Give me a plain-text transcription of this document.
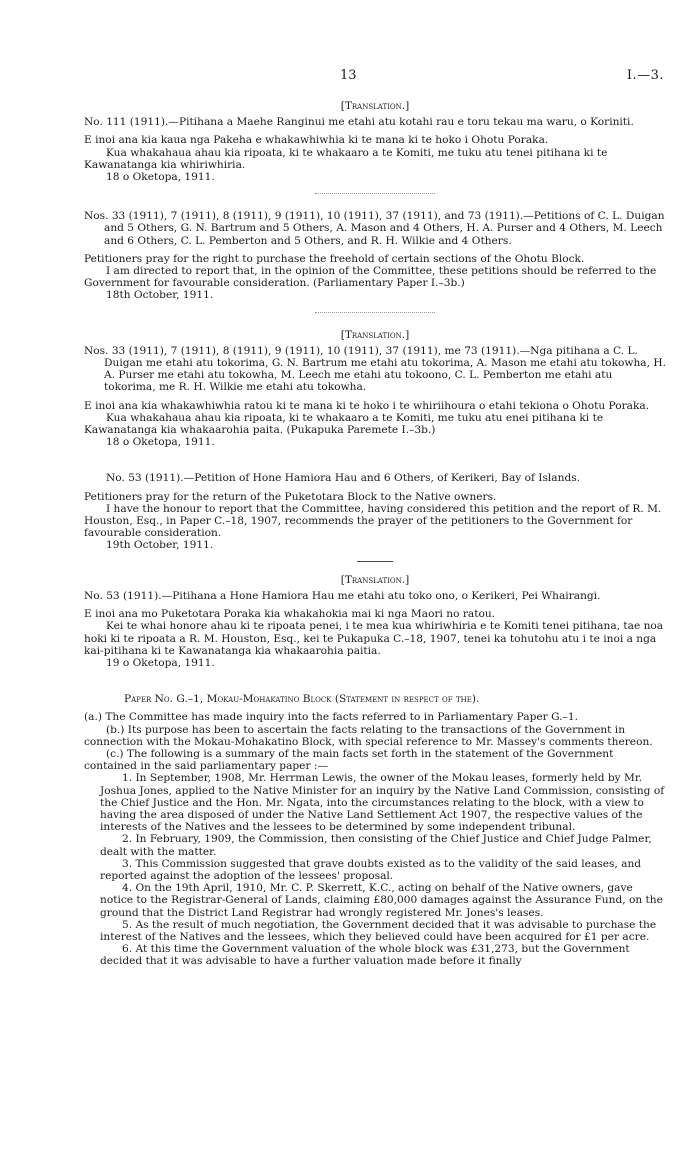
13	I.—3.

[Translation.]

No. 111 (1911).—Pitihana a Maehe Ranginui me etahi atu kotahi rau e toru tekau ma waru, o Koriniti.

E inoi ana kia kaua nga Pakeha e whakawhiwhia ki te mana ki te hoko i Ohotu Poraka.

Kua whakahaua ahau kia ripoata, ki te whakaaro a te Komiti, me tuku atu tenei pitihana ki te Kawanatanga kia whiriwhiria.

18 o Oketopa, 1911.

Nos. 33 (1911), 7 (1911), 8 (1911), 9 (1911), 10 (1911), 37 (1911), and 73 (1911).—Petitions of C. L. Duigan and 5 Others, G. N. Bartrum and 5 Others, A. Mason and 4 Others, H. A. Purser and 4 Others, M. Leech and 6 Others, C. L. Pemberton and 5 Others, and R. H. Wilkie and 4 Others.

Petitioners pray for the right to purchase the freehold of certain sections of the Ohotu Block.

I am directed to report that, in the opinion of the Committee, these petitions should be referred to the Government for favourable consideration. (Parliamentary Paper I.–3b.)

18th October, 1911.

[Translation.]

Nos. 33 (1911), 7 (1911), 8 (1911), 9 (1911), 10 (1911), 37 (1911), me 73 (1911).—Nga pitihana a C. L. Duigan me etahi atu tokorima, G. N. Bartrum me etahi atu tokorima, A. Mason me etahi atu tokowha, H. A. Purser me etahi atu tokowha, M. Leech me etahi atu tokoono, C. L. Pemberton me etahi atu tokorima, me R. H. Wilkie me etahi atu tokowha.

E inoi ana kia whakawhiwhia ratou ki te mana ki te hoko i te whiriihoura o etahi tekiona o Ohotu Poraka.

Kua whakahaua ahau kia ripoata, ki te whakaaro a te Komiti, me tuku atu enei pitihana ki te Kawanatanga kia whakaarohia paita. (Pukapuka Paremete I.–3b.)

18 o Oketopa, 1911.

No. 53 (1911).—Petition of Hone Hamiora Hau and 6 Others, of Kerikeri, Bay of Islands.

Petitioners pray for the return of the Puketotara Block to the Native owners.

I have the honour to report that the Committee, having considered this petition and the report of R. M. Houston, Esq., in Paper C.–18, 1907, recommends the prayer of the petitioners to the Government for favourable consideration.

19th October, 1911.

[Translation.]

No. 53 (1911).—Pitihana a Hone Hamiora Hau me etahi atu toko ono, o Kerikeri, Pei Whairangi.

E inoi ana mo Puketotara Poraka kia whakahokia mai ki nga Maori no ratou.

Kei te whai honore ahau ki te ripoata penei, i te mea kua whiriwhiria e te Komiti tenei pitihana, tae noa hoki ki te ripoata a R. M. Houston, Esq., kei te Pukapuka C.–18, 1907, tenei ka tohutohu atu i te inoi a nga kai-pitihana ki te Kawanatanga kia whakaarohia paitia.

19 o Oketopa, 1911.

Paper No. G.–1, Mokau-Mohakatino Block (Statement in respect of the).

(a.) The Committee has made inquiry into the facts referred to in Parliamentary Paper G.–1.

(b.) Its purpose has been to ascertain the facts relating to the transactions of the Government in connection with the Mokau-Mohakatino Block, with special reference to Mr. Massey's comments thereon.

(c.) The following is a summary of the main facts set forth in the statement of the Government contained in the said parliamentary paper :—

1. In September, 1908, Mr. Herrman Lewis, the owner of the Mokau leases, formerly held by Mr. Joshua Jones, applied to the Native Minister for an inquiry by the Native Land Commission, consisting of the Chief Justice and the Hon. Mr. Ngata, into the circumstances relating to the block, with a view to having the area disposed of under the Native Land Settlement Act 1907, the respective values of the interests of the Natives and the lessees to be determined by some independent tribunal.

2. In February, 1909, the Commission, then consisting of the Chief Justice and Chief Judge Palmer, dealt with the matter.

3. This Commission suggested that grave doubts existed as to the validity of the said leases, and reported against the adoption of the lessees' proposal.

4. On the 19th April, 1910, Mr. C. P. Skerrett, K.C., acting on behalf of the Native owners, gave notice to the Registrar-General of Lands, claiming £80,000 damages against the Assurance Fund, on the ground that the District Land Registrar had wrongly registered Mr. Jones's leases.

5. As the result of much negotiation, the Government decided that it was advisable to purchase the interest of the Natives and the lessees, which they believed could have been acquired for £1 per acre.

6. At this time the Government valuation of the whole block was £31,273, but the Government decided that it was advisable to have a further valuation made before it finally
